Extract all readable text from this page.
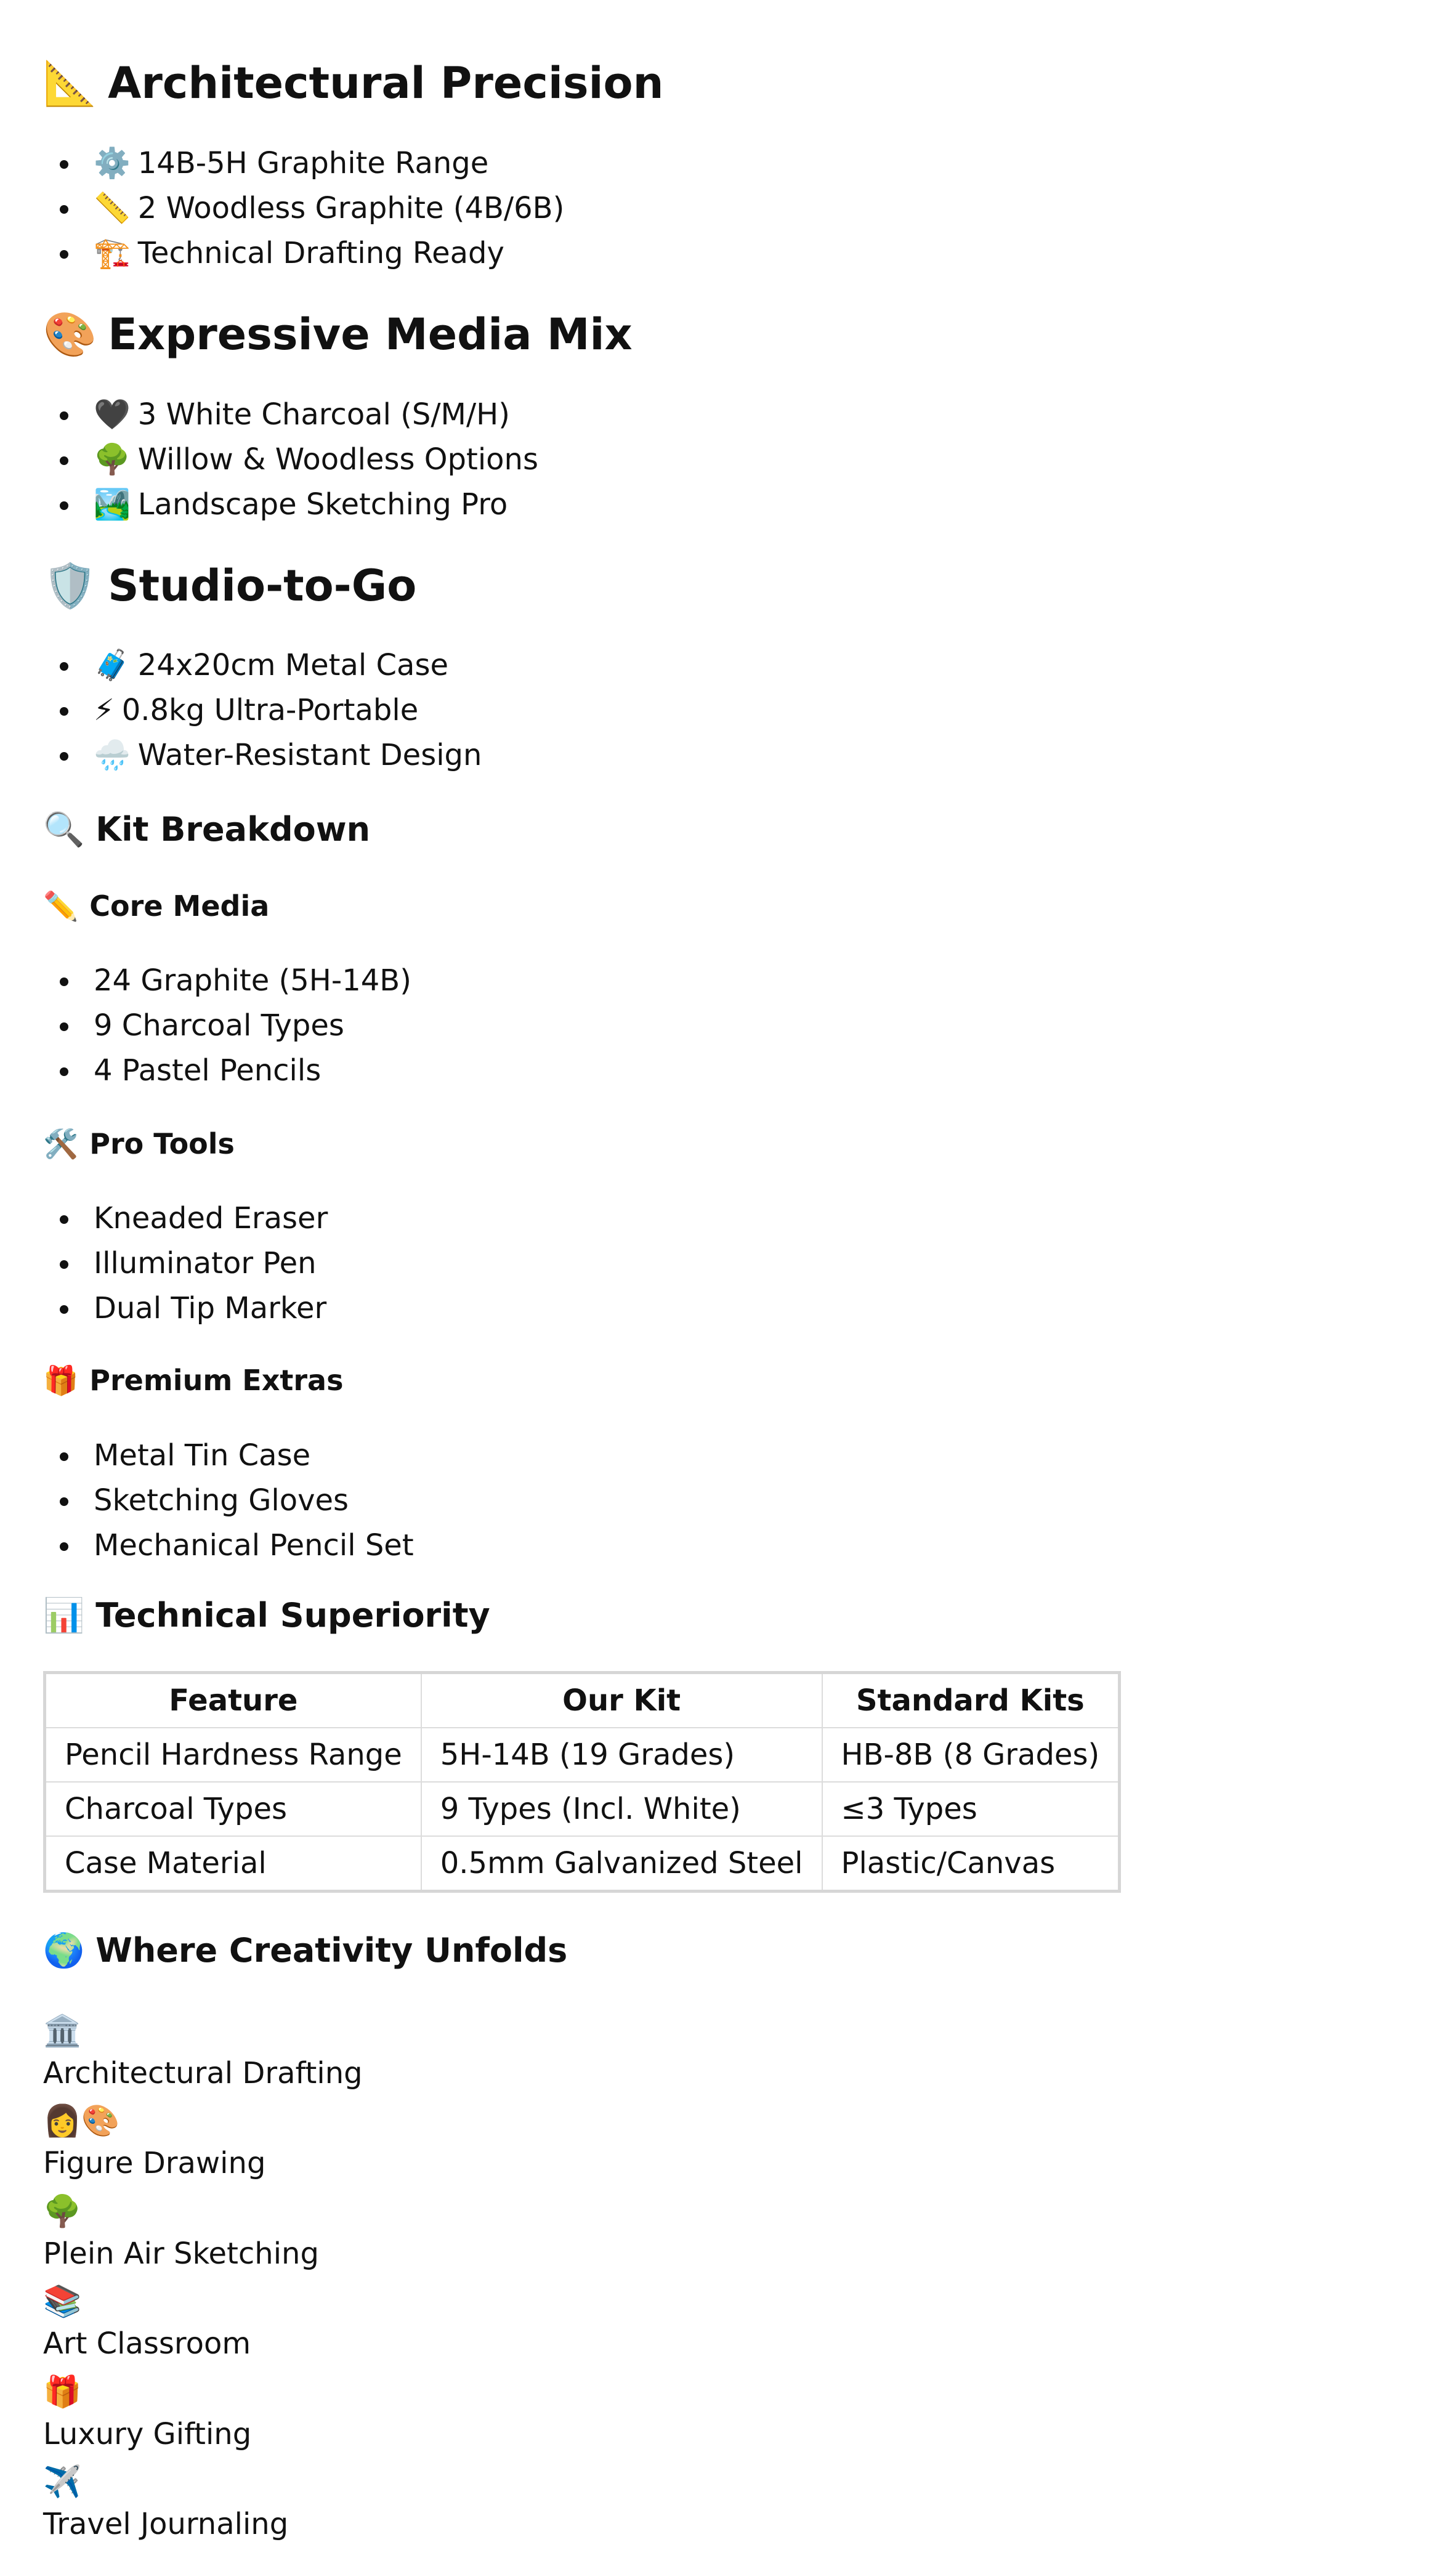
📐 Architectural Precision
⚙️ 14B-5H Graphite Range
📏 2 Woodless Graphite (4B/6B)
🏗️ Technical Drafting Ready
🎨 Expressive Media Mix
🖤 3 White Charcoal (S/M/H)
🌳 Willow & Woodless Options
🏞️ Landscape Sketching Pro
🛡️ Studio-to-Go
🧳 24x20cm Metal Case
⚡ 0.8kg Ultra-Portable
🌧️ Water-Resistant Design
🔍 Kit Breakdown
✏️ Core Media
24 Graphite (5H-14B)
9 Charcoal Types
4 Pastel Pencils
🛠️ Pro Tools
Kneaded Eraser
Illuminator Pen
Dual Tip Marker
🎁 Premium Extras
Metal Tin Case
Sketching Gloves
Mechanical Pencil Set
📊 Technical Superiority
Feature	Our Kit	Standard Kits
Pencil Hardness Range	5H-14B (19 Grades)	HB-8B (8 Grades)
Charcoal Types	9 Types (Incl. White)	≤3 Types
Case Material	0.5mm Galvanized Steel	Plastic/Canvas
🌍 Where Creativity Unfolds
🏛️
Architectural Drafting
👩🎨
Figure Drawing
🌳
Plein Air Sketching
📚
Art Classroom
🎁
Luxury Gifting
✈️
Travel Journaling
